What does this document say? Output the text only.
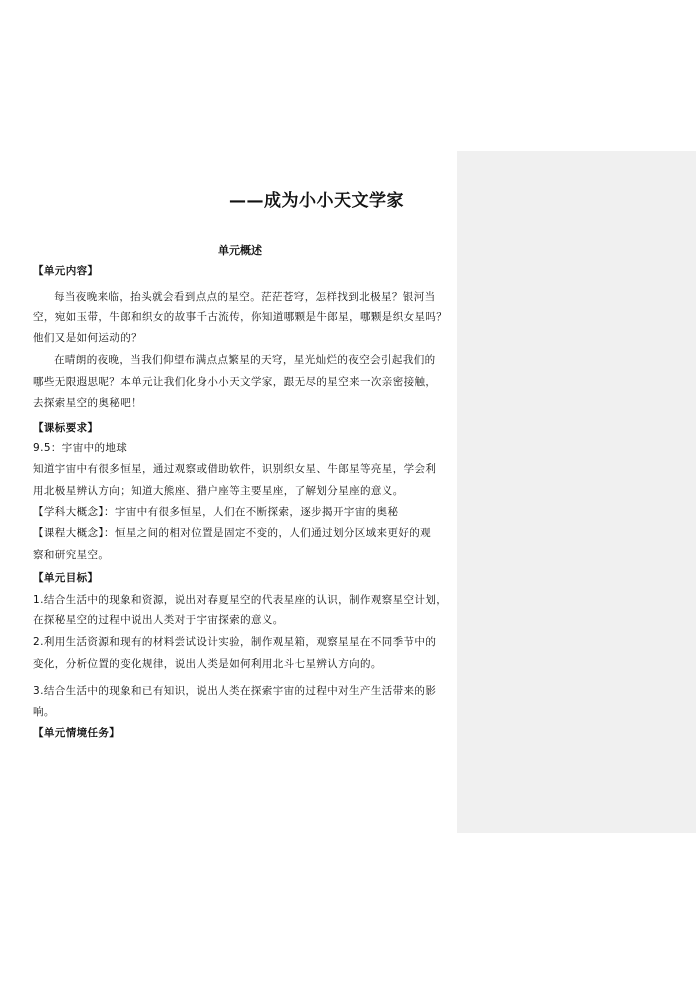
——成为小小天文学家
单元概述
【单元内容】
每当夜晚来临，抬头就会看到点点的星空。茫茫苍穹，怎样找到北极星？银河当
空，宛如玉带，牛郎和织女的故事千古流传，你知道哪颗是牛郎星，哪颗是织女星吗？
他们又是如何运动的？
在晴朗的夜晚，当我们仰望布满点点繁星的天穹，星光灿烂的夜空会引起我们的
哪些无限遐思呢？本单元让我们化身小小天文学家，跟无尽的星空来一次亲密接触，
去探索星空的奥秘吧！
【课标要求】
9.5：宇宙中的地球
知道宇宙中有很多恒星，通过观察或借助软件，识别织女星、牛郎星等亮星，学会利
用北极星辨认方向；知道大熊座、猎户座等主要星座，了解划分星座的意义。
【学科大概念】：宇宙中有很多恒星，人们在不断探索，逐步揭开宇宙的奥秘
【课程大概念】：恒星之间的相对位置是固定不变的，人们通过划分区域来更好的观
察和研究星空。
【单元目标】
1.结合生活中的现象和资源，说出对春夏星空的代表星座的认识，制作观察星空计划，
在探秘星空的过程中说出人类对于宇宙探索的意义。
2.利用生活资源和现有的材料尝试设计实验，制作观星箱，观察星星在不同季节中的
变化，分析位置的变化规律，说出人类是如何利用北斗七星辨认方向的。
3.结合生活中的现象和已有知识，说出人类在探索宇宙的过程中对生产生活带来的影
响。
【单元情境任务】
